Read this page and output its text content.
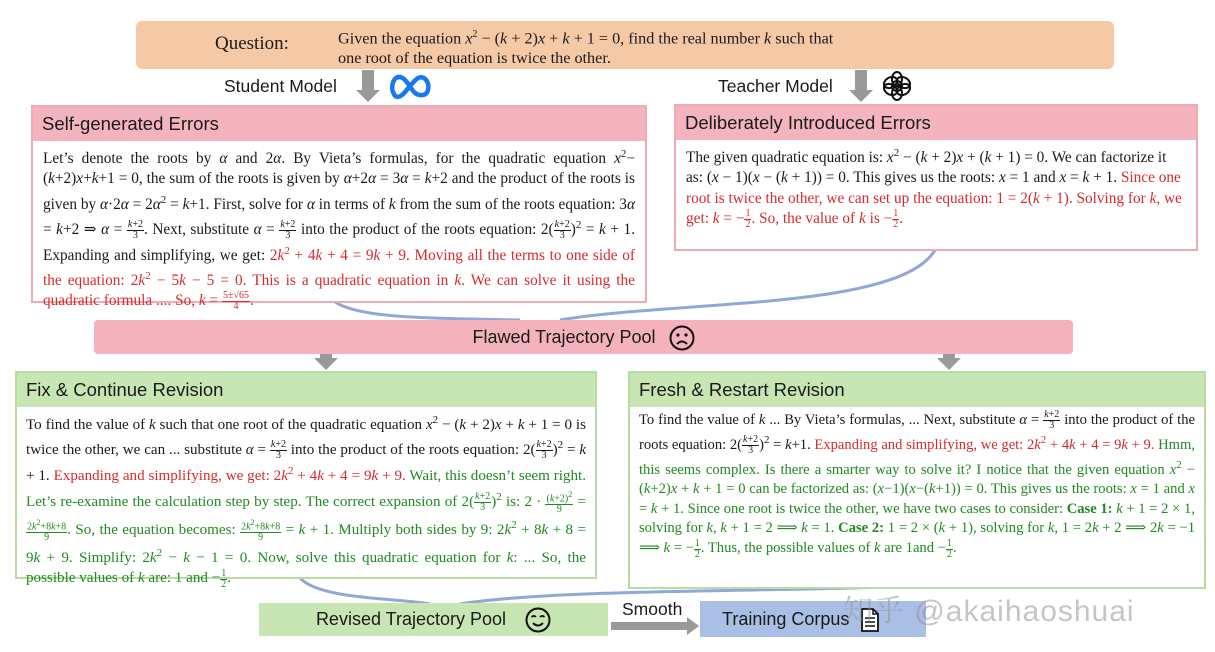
Question:	Given the equation $x^2 - (k + 2)x + k + 1 = 0$, find the real number k such that
one root of the equation is twice the other.
Student Model	Teacher Model
Self-generated Errors
Let’s denote the roots by α and 2α. By Vieta’s formulas, for the quadratic equation $x^2-(k+2)x+k+1 = 0$, the sum of the roots is given by α+2α = 3α = k+2 and the product of the roots is given by $\alpha\cdot 2\alpha = 2\alpha^2 = k+1$. First, solve for α in terms of k from the sum of the roots equation: 3α = k+2 ⇒ $\alpha = \frac{k+2}{3}$ . Next, substitute $\alpha = \frac{k+2}{3}$ into the product of the roots equation: $2( \frac{k+2}{3} )^2 = k + 1$. Expanding and simplifying, we get: $2k^2 + 4k + 4 = 9k + 9$. Moving all the terms to one side of the equation: $2k^2 - 5k - 5 = 0$. This is a quadratic equation in k. We can solve it using the quadratic formula .... So, $k = \frac{5\pm√65}{4}$ .
Deliberately Introduced Errors
The given quadratic equation is: $x^2 - (k + 2)x + (k + 1) = 0$. We can factorize it as: (x − 1)(x − (k + 1)) = 0. This gives us the roots: x = 1 and x = k + 1. Since one root is twice the other, we can set up the equation: 1 = 2(k + 1). Solving for k, we get: k = − $\frac{1}{2}$ . So, the value of k is − $\frac{1}{2}$ .
Flawed Trajectory Pool
Fix & Continue Revision
To find the value of k such that one root of the quadratic equation $x^2 - (k + 2)x + k + 1 = 0$ is twice the other, we can ... substitute $\alpha = \frac{k+2}{3}$ into the product of the roots equation: $2( \frac{k+2}{3} )^2 = k + 1$. Expanding and simplifying, we get: $2k^2 + 4k + 4 = 9k + 9$. Wait, this doesn’t seem right. Let’s re-examine the calculation step by step. The correct expansion of $2( \frac{k+2}{3} )^2$ is: $2 \cdot \frac{(k+2)^2}{9}$ =
$\frac{2k^2+8k+8}{9}$ . So, the equation becomes: $\frac{2k^2+8k+8}{9} = k + 1$. Multiply both sides by 9: $2k^2 + 8k + 8 = 9k + 9$. Simplify: $2k^2 - k - 1 = 0$. Now, solve this quadratic equation for k: ... So, the possible values of k are: 1 and − $\frac{1}{2}$ .
Fresh & Restart Revision
To find the value of k ... By Vieta’s formulas, ... Next, substitute $\alpha = \frac{k+2}{3}$ into the product of the roots equation: $2( \frac{k+2}{3} )^2 = k+1$. Expanding and simplifying, we get: $2k^2 + 4k + 4 = 9k + 9$. Hmm, this seems complex. Is there a smarter way to solve it? I notice that the given equation $x^2 - (k+2)x + k + 1 = 0$ can be factorized as: (x−1)(x−(k+1)) = 0. This gives us the roots: x = 1 and x = k + 1. Since one root is twice the other, we have two cases to consider: Case 1: k + 1 = 2 × 1, solving for k, k + 1 = 2 ⟹ k = 1. Case 2: 1 = 2 × (k + 1), solving for k, 1 = 2k + 2 ⟹ 2k = −1 ⟹ k = − $\frac{1}{2}$ . Thus, the possible values of k are $1and - \frac{1}{2}$ .
Revised Trajectory Pool	Smooth	Training Corpus
知乎 @akaihaoshuai
